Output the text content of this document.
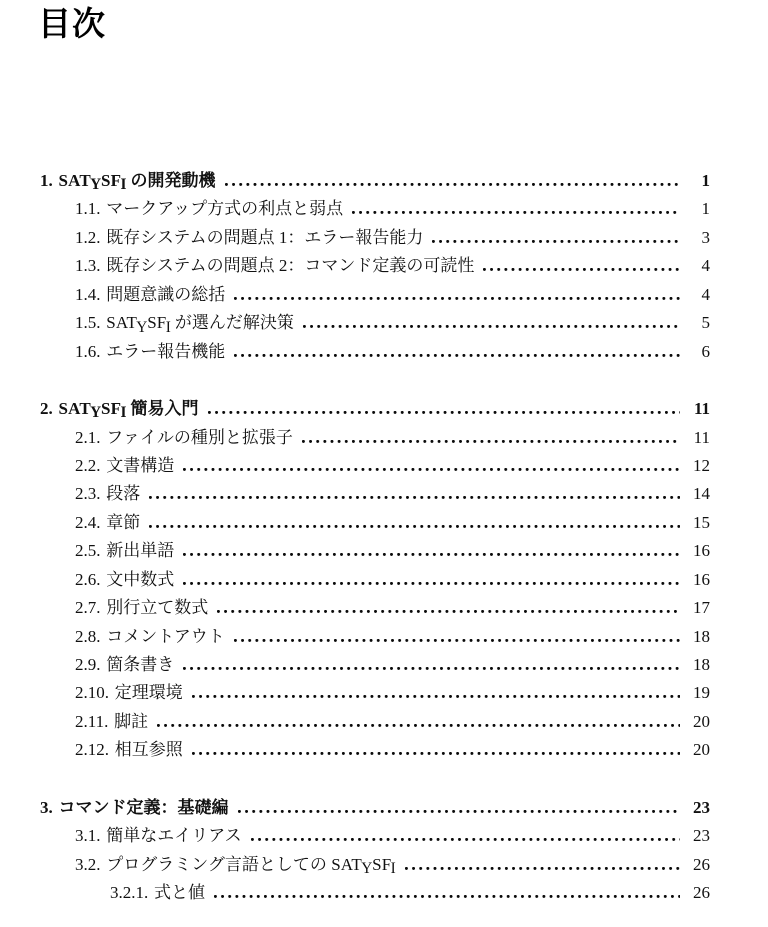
目次
1. SATYSFI の開発動機	1
1.1. マークアップ方式の利点と弱点	1
1.2. 既存システムの問題点 1：エラー報告能力	3
1.3. 既存システムの問題点 2：コマンド定義の可読性	4
1.4. 問題意識の総括	4
1.5. SATYSFI が選んだ解決策	5
1.6. エラー報告機能	6
2. SATYSFI 簡易入門	11
2.1. ファイルの種別と拡張子	11
2.2. 文書構造	12
2.3. 段落	14
2.4. 章節	15
2.5. 新出単語	16
2.6. 文中数式	16
2.7. 別行立て数式	17
2.8. コメントアウト	18
2.9. 箇条書き	18
2.10. 定理環境	19
2.11. 脚註	20
2.12. 相互参照	20
3. コマンド定義：基礎編	23
3.1. 簡単なエイリアス	23
3.2. プログラミング言語としての SATYSFI	26
3.2.1. 式と値	26
